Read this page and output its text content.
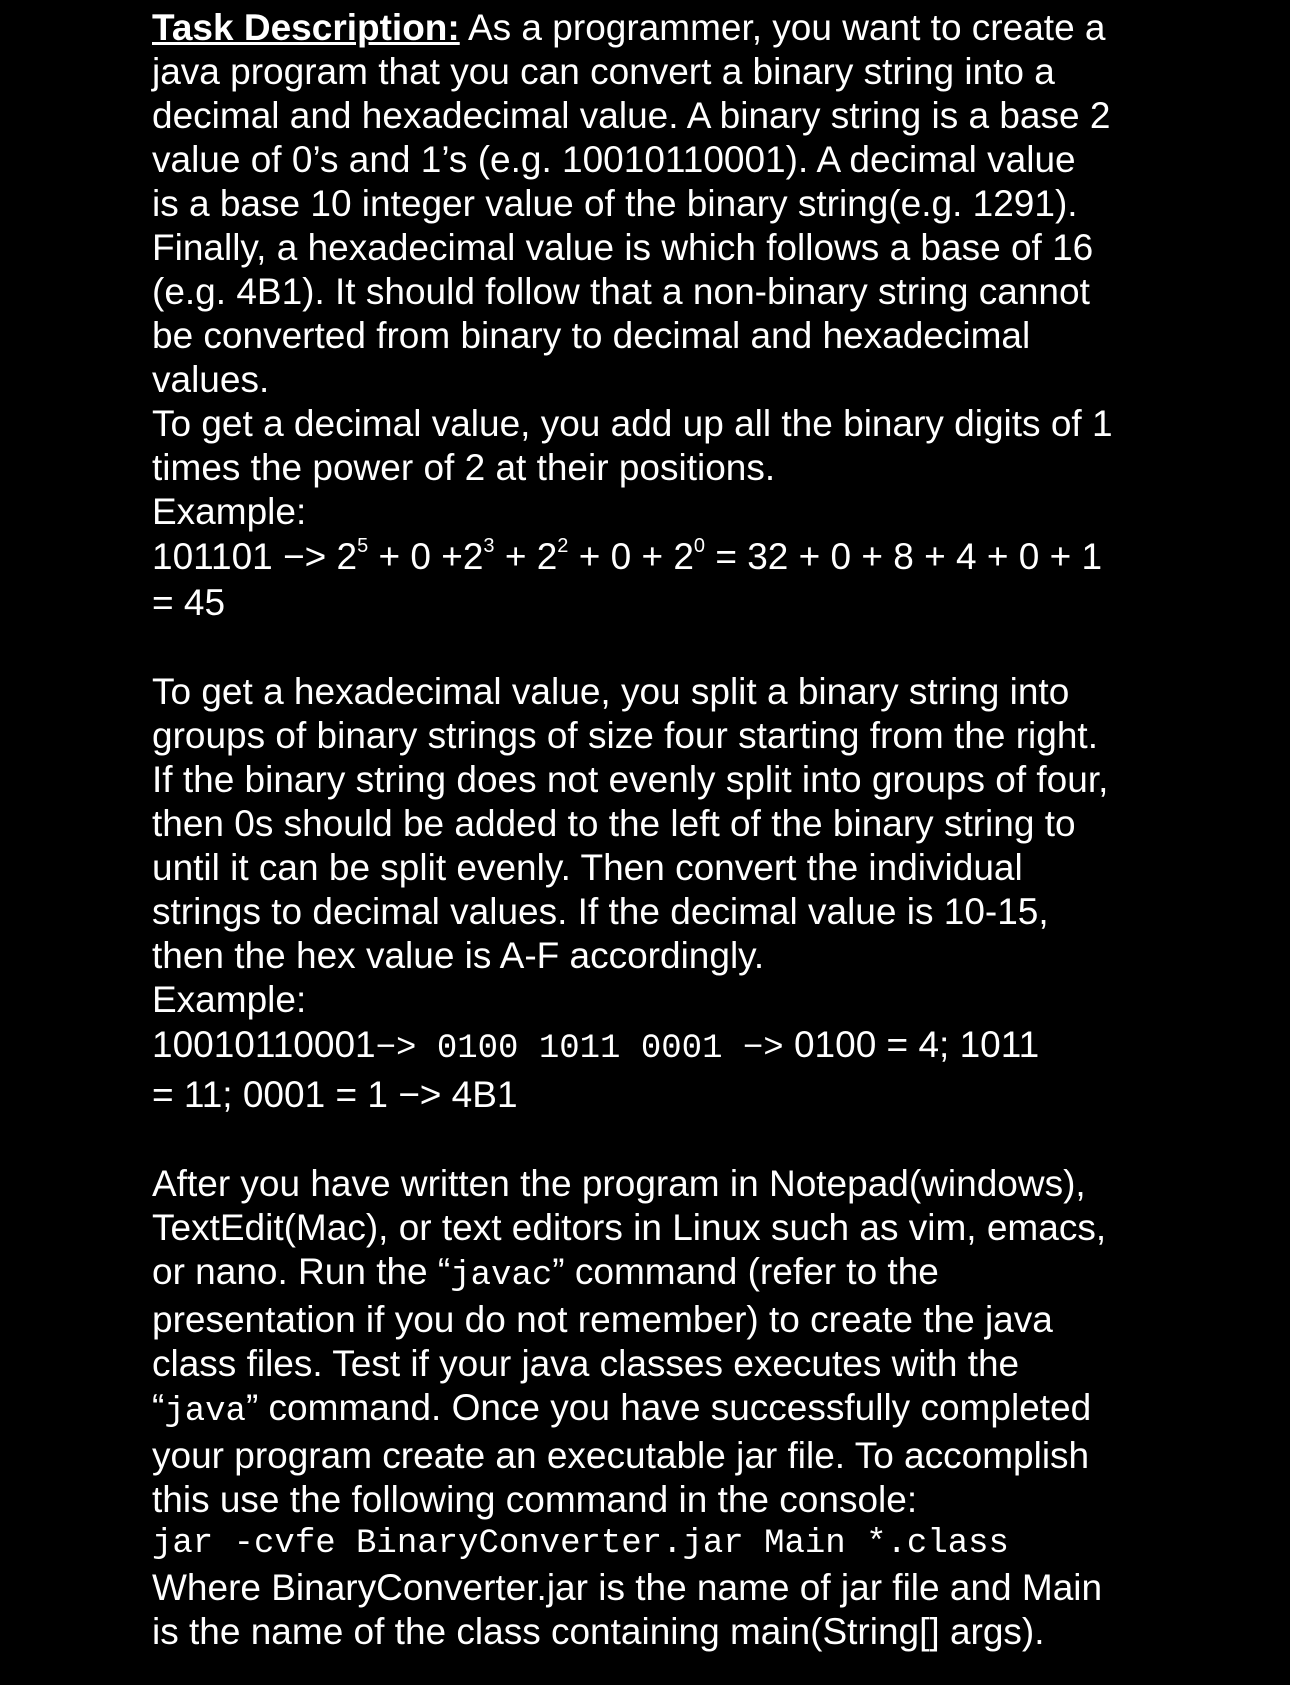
Task Description: As a programmer, you want to create a
java program that you can convert a binary string into a
decimal and hexadecimal value. A binary string is a base 2
value of 0’s and 1’s (e.g. 10010110001). A decimal value
is a base 10 integer value of the binary string(e.g. 1291).
Finally, a hexadecimal value is which follows a base of 16
(e.g. 4B1). It should follow that a non-binary string cannot
be converted from binary to decimal and hexadecimal
values.
To get a decimal value, you add up all the binary digits of 1
times the power of 2 at their positions.
Example:
$101101 -> 2^5 + 0 +2^3 + 2^2 + 0 + 2^0 = 32 + 0 + 8 + 4 + 0 + 1$
= 45
To get a hexadecimal value, you split a binary string into
groups of binary strings of size four starting from the right.
If the binary string does not evenly split into groups of four,
then 0s should be added to the left of the binary string to
until it can be split evenly. Then convert the individual
strings to decimal values. If the decimal value is 10-15,
then the hex value is A-F accordingly.
Example:
10010110001−> 0100 1011 0001 −> 0100 = 4; 1011
= 11; 0001 = 1 −> 4B1
After you have written the program in Notepad(windows),
TextEdit(Mac), or text editors in Linux such as vim, emacs,
or nano. Run the “javac” command (refer to the
presentation if you do not remember) to create the java
class files. Test if your java classes executes with the
“java” command. Once you have successfully completed
your program create an executable jar file. To accomplish
this use the following command in the console:
jar -cvfe BinaryConverter.jar Main *.class
Where BinaryConverter.jar is the name of jar file and Main
is the name of the class containing main(String[] args).
